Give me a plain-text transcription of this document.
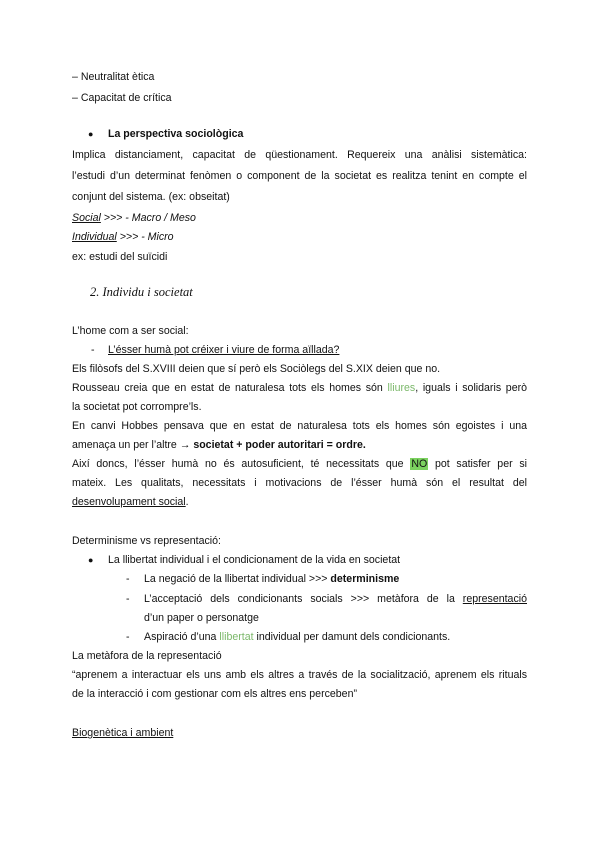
– Neutralitat ètica
– Capacitat de crítica
● La perspectiva sociològica
Implica distanciament, capacitat de qüestionament. Requereix una anàlisi sistemàtica:
l’estudi d’un determinat fenòmen o component de la societat es realitza tenint en compte el
conjunt del sistema. (ex: obseitat)
Social >>> - Macro / Meso
Individual >>> - Micro
ex: estudi del suïcidi
2. Individu i societat
L’home com a ser social:
- L’ésser humà pot créixer i viure de forma aïllada?
Els filòsofs del S.XVIII deien que sí però els Sociòlegs del S.XIX deien que no.
Rousseau creia que en estat de naturalesa tots els homes són lliures, iguals i solidaris però
la societat pot corrompre’ls.
En canvi Hobbes pensava que en estat de naturalesa tots els homes són egoistes i una
amenaça un per l’altre → societat + poder autoritari = ordre.
Així doncs, l’ésser humà no és autosuficient, té necessitats que NO pot satisfer per si
mateix. Les qualitats, necessitats i motivacions de l’ésser humà són el resultat del
desenvolupament social.
Determinisme vs representació:
● La llibertat individual i el condicionament de la vida en societat
- La negació de la llibertat individual >>> determinisme
- L’acceptació dels condicionants socials >>> metàfora de la representació
d’un paper o personatge
- Aspiració d’una llibertat individual per damunt dels condicionants.
La metàfora de la representació
“aprenem a interactuar els uns amb els altres a través de la socialització, aprenem els rituals
de la interacció i com gestionar com els altres ens perceben”
Biogenètica i ambient
